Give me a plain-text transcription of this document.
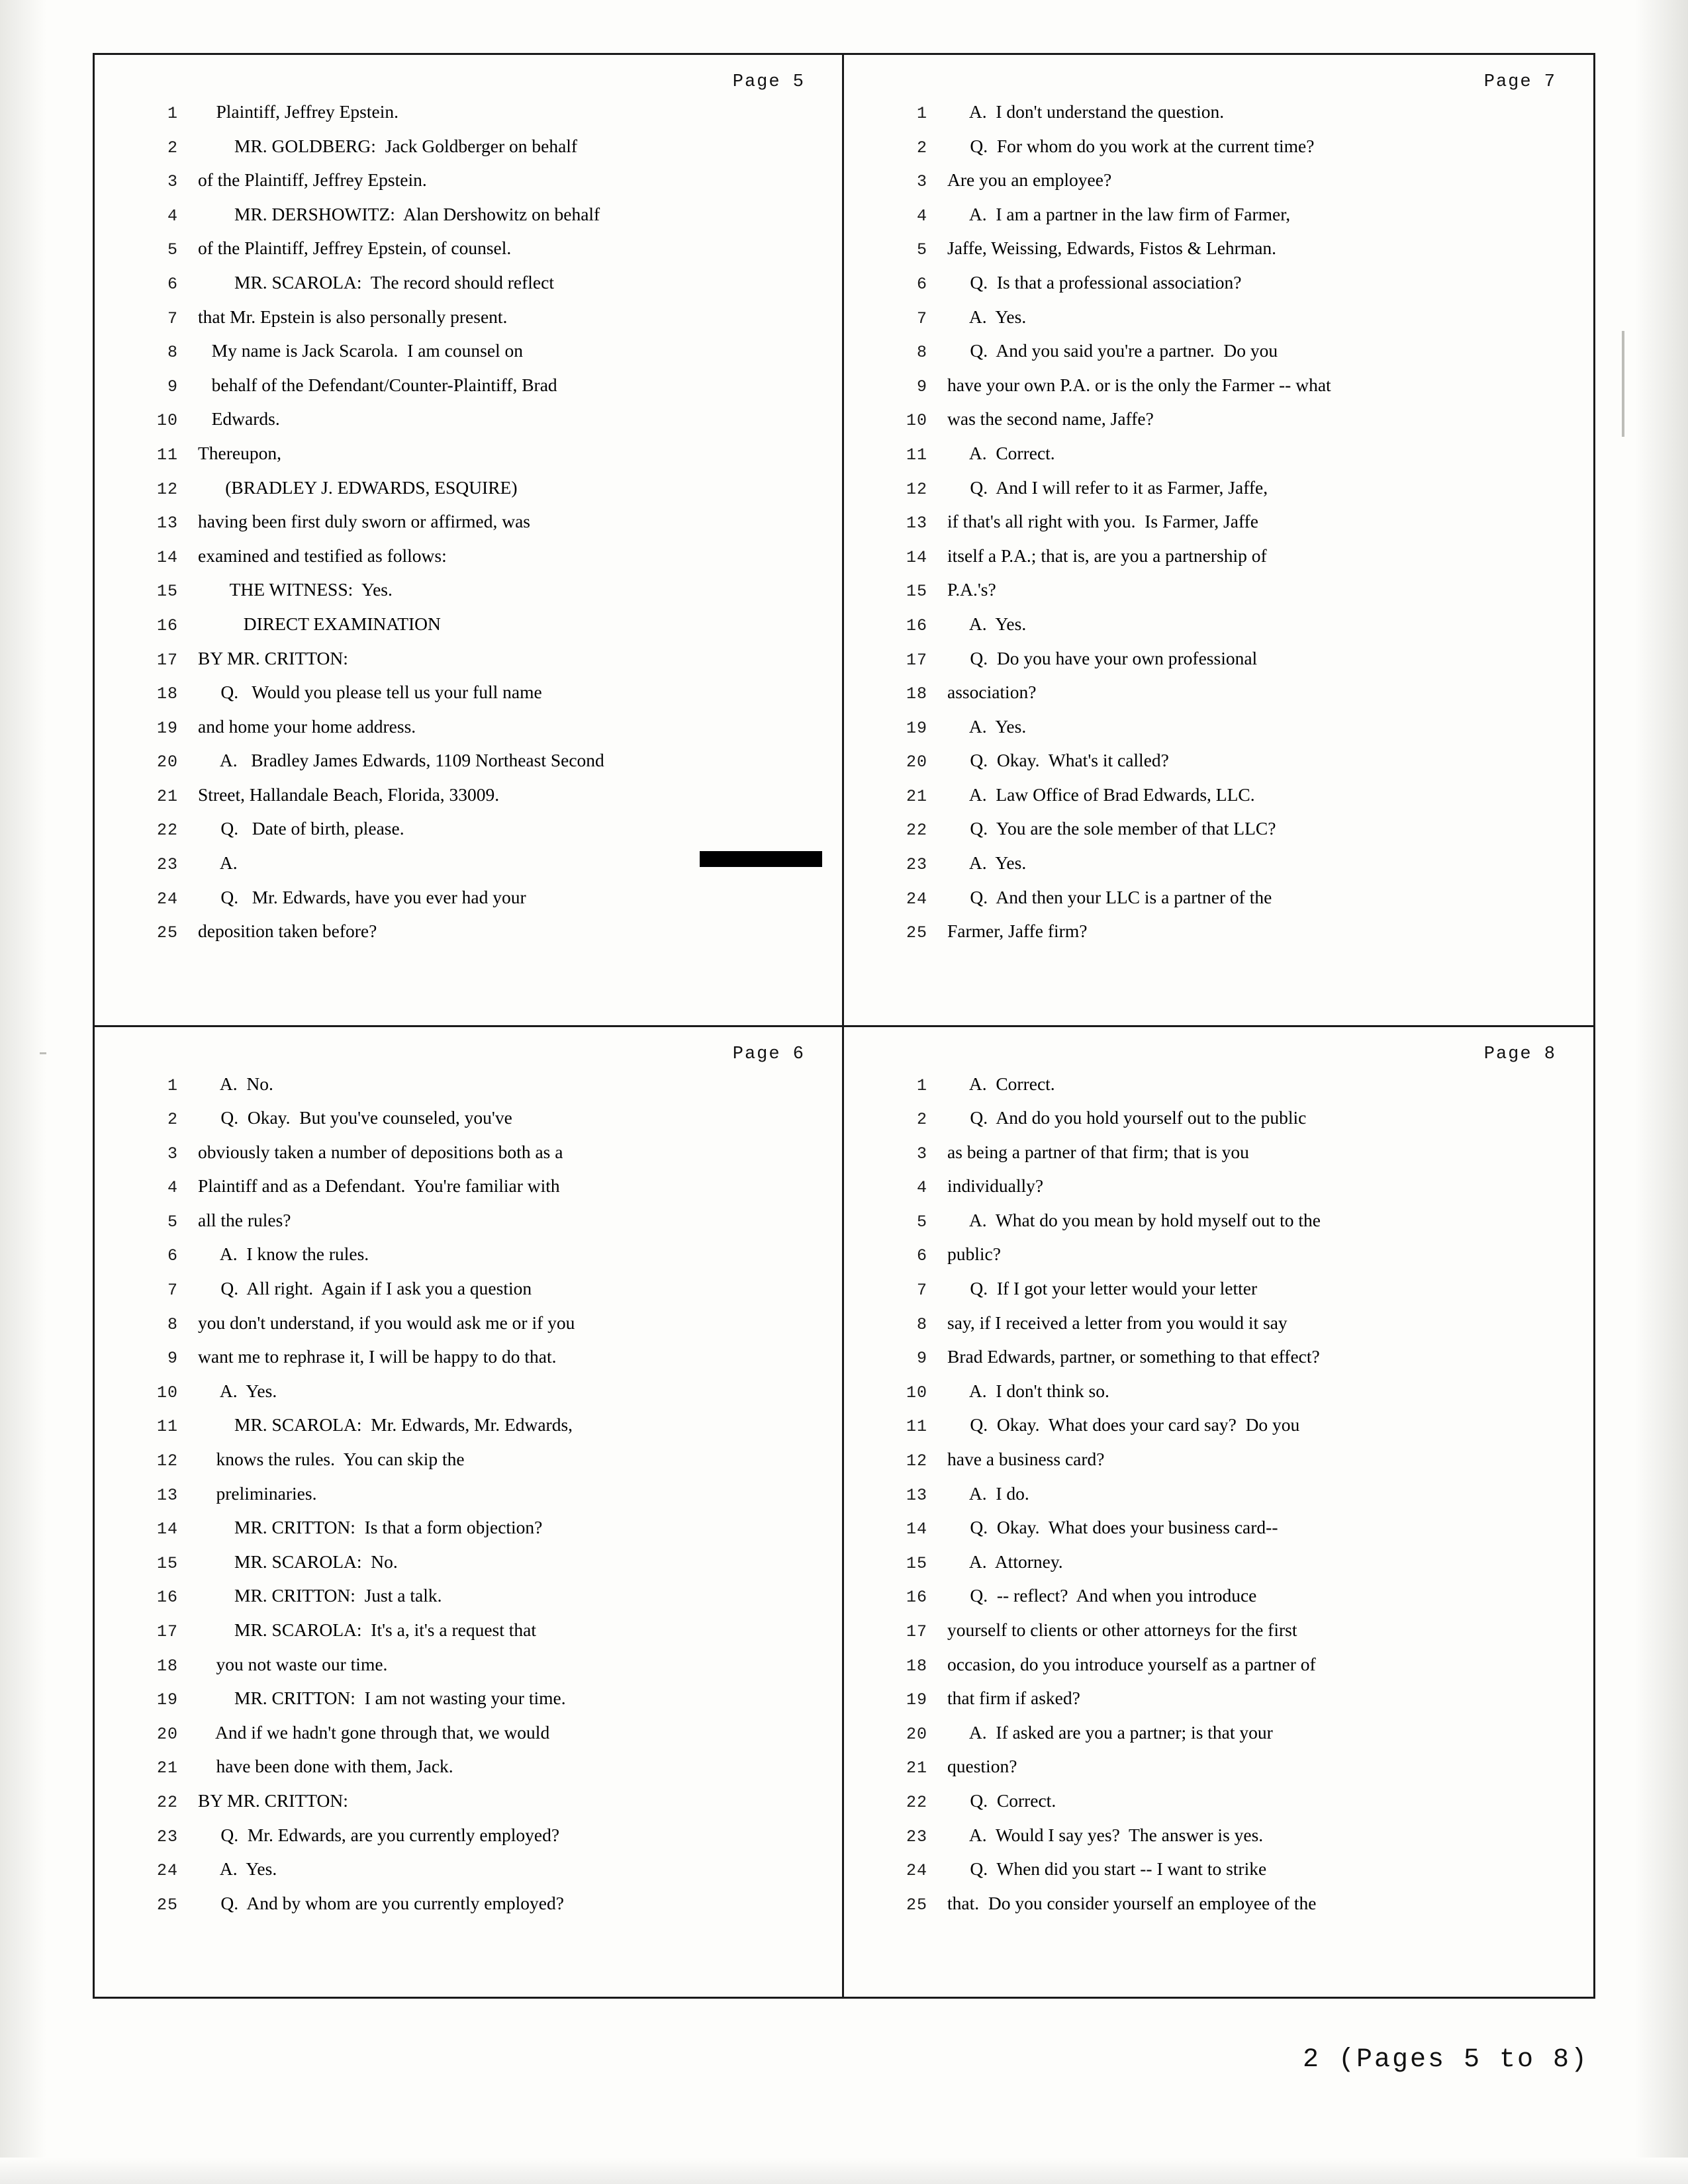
Page 5
1	Plaintiff, Jeffrey Epstein.
2	MR. GOLDBERG:  Jack Goldberger on behalf
3	of the Plaintiff, Jeffrey Epstein.
4	MR. DERSHOWITZ:  Alan Dershowitz on behalf
5	of the Plaintiff, Jeffrey Epstein, of counsel.
6	MR. SCAROLA:  The record should reflect
7	that Mr. Epstein is also personally present.
8	My name is Jack Scarola.  I am counsel on
9	behalf of the Defendant/Counter-Plaintiff, Brad
10	Edwards.
11	Thereupon,
12	(BRADLEY J. EDWARDS, ESQUIRE)
13	having been first duly sworn or affirmed, was
14	examined and testified as follows:
15	THE WITNESS:  Yes.
16	DIRECT EXAMINATION
17	BY MR. CRITTON:
18	Q.   Would you please tell us your full name
19	and home your home address.
20	A.   Bradley James Edwards, 1109 Northeast Second
21	Street, Hallandale Beach, Florida, 33009.
22	Q.   Date of birth, please.
23	A.
24	Q.   Mr. Edwards, have you ever had your
25	deposition taken before?
Page 7
1	A.  I don't understand the question.
2	Q.  For whom do you work at the current time?
3	Are you an employee?
4	A.  I am a partner in the law firm of Farmer,
5	Jaffe, Weissing, Edwards, Fistos & Lehrman.
6	Q.  Is that a professional association?
7	A.  Yes.
8	Q.  And you said you're a partner.  Do you
9	have your own P.A. or is the only the Farmer -- what
10	was the second name, Jaffe?
11	A.  Correct.
12	Q.  And I will refer to it as Farmer, Jaffe,
13	if that's all right with you.  Is Farmer, Jaffe
14	itself a P.A.; that is, are you a partnership of
15	P.A.'s?
16	A.  Yes.
17	Q.  Do you have your own professional
18	association?
19	A.  Yes.
20	Q.  Okay.  What's it called?
21	A.  Law Office of Brad Edwards, LLC.
22	Q.  You are the sole member of that LLC?
23	A.  Yes.
24	Q.  And then your LLC is a partner of the
25	Farmer, Jaffe firm?
Page 6
1	A.  No.
2	Q.  Okay.  But you've counseled, you've
3	obviously taken a number of depositions both as a
4	Plaintiff and as a Defendant.  You're familiar with
5	all the rules?
6	A.  I know the rules.
7	Q.  All right.  Again if I ask you a question
8	you don't understand, if you would ask me or if you
9	want me to rephrase it, I will be happy to do that.
10	A.  Yes.
11	MR. SCAROLA:  Mr. Edwards, Mr. Edwards,
12	knows the rules.  You can skip the
13	preliminaries.
14	MR. CRITTON:  Is that a form objection?
15	MR. SCAROLA:  No.
16	MR. CRITTON:  Just a talk.
17	MR. SCAROLA:  It's a, it's a request that
18	you not waste our time.
19	MR. CRITTON:  I am not wasting your time.
20	And if we hadn't gone through that, we would
21	have been done with them, Jack.
22	BY MR. CRITTON:
23	Q.  Mr. Edwards, are you currently employed?
24	A.  Yes.
25	Q.  And by whom are you currently employed?
Page 8
1	A.  Correct.
2	Q.  And do you hold yourself out to the public
3	as being a partner of that firm; that is you
4	individually?
5	A.  What do you mean by hold myself out to the
6	public?
7	Q.  If I got your letter would your letter
8	say, if I received a letter from you would it say
9	Brad Edwards, partner, or something to that effect?
10	A.  I don't think so.
11	Q.  Okay.  What does your card say?  Do you
12	have a business card?
13	A.  I do.
14	Q.  Okay.  What does your business card--
15	A.  Attorney.
16	Q.  -- reflect?  And when you introduce
17	yourself to clients or other attorneys for the first
18	occasion, do you introduce yourself as a partner of
19	that firm if asked?
20	A.  If asked are you a partner; is that your
21	question?
22	Q.  Correct.
23	A.  Would I say yes?  The answer is yes.
24	Q.  When did you start -- I want to strike
25	that.  Do you consider yourself an employee of the
2 (Pages 5 to 8)
